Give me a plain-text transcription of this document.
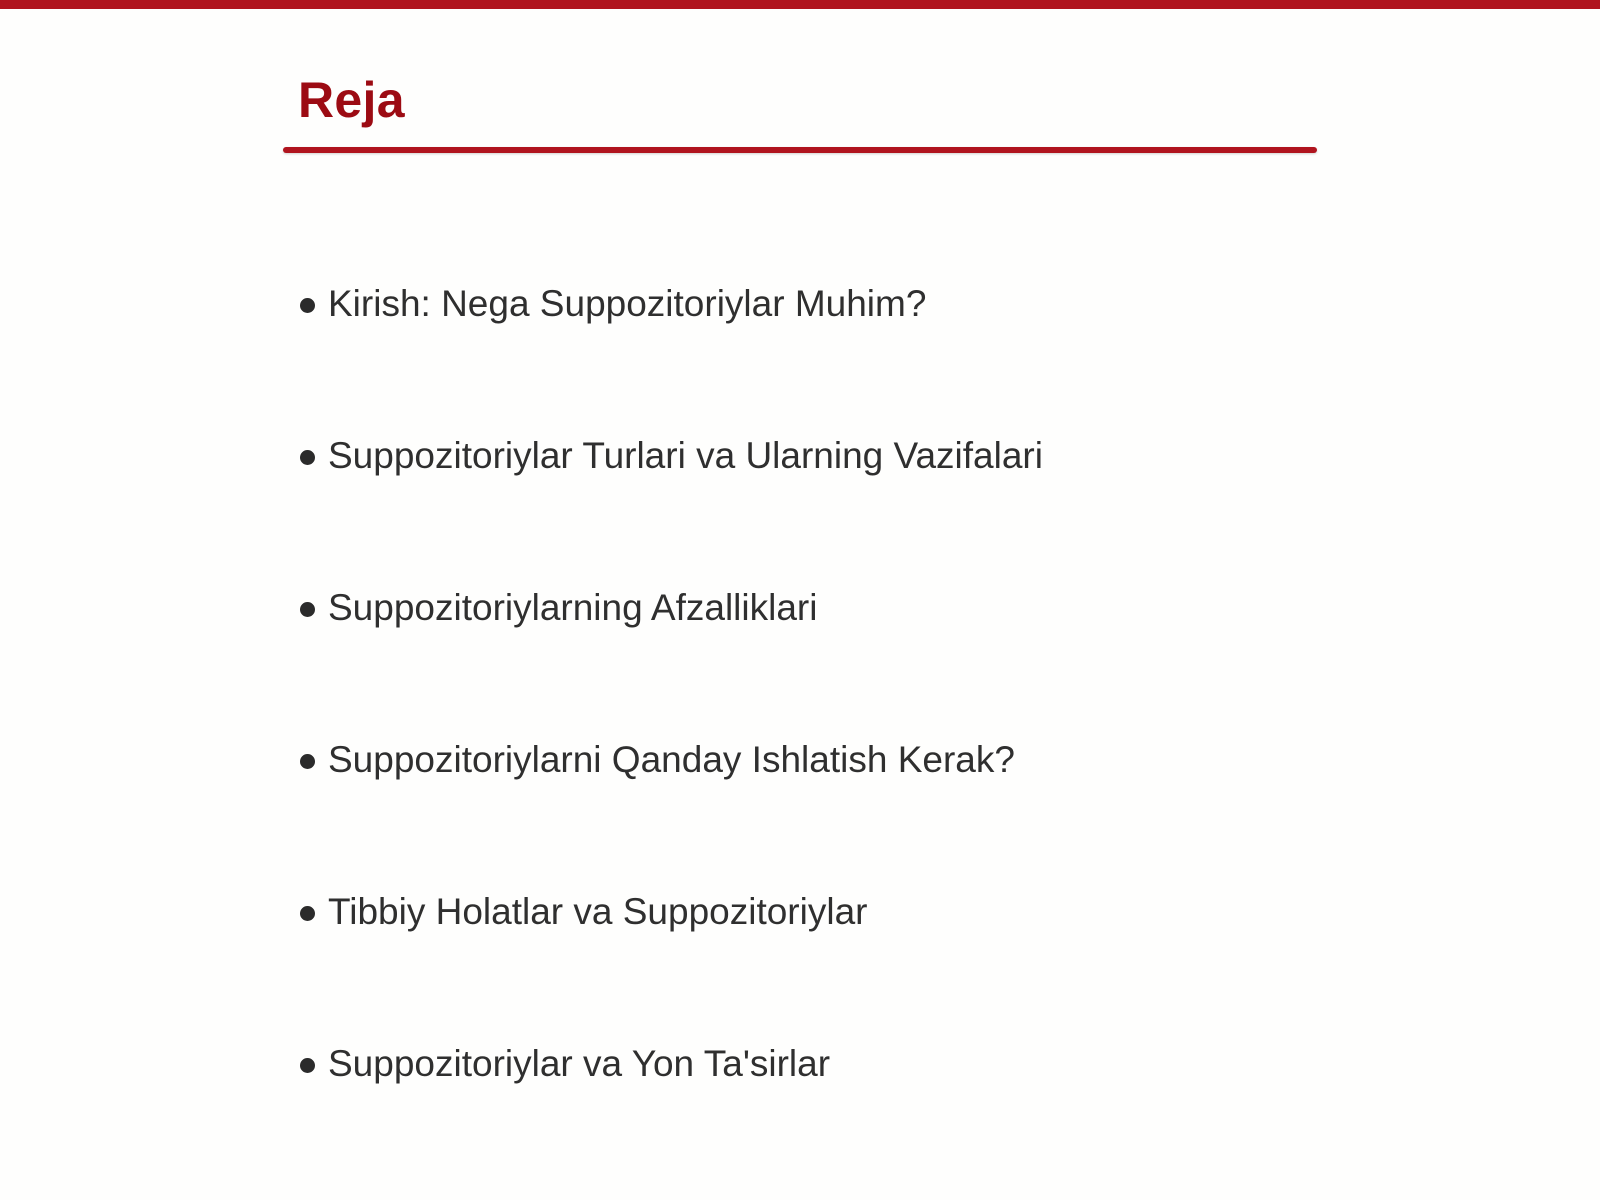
Reja
Kirish: Nega Suppozitoriylar Muhim?
Suppozitoriylar Turlari va Ularning Vazifalari
Suppozitoriylarning Afzalliklari
Suppozitoriylarni Qanday Ishlatish Kerak?
Tibbiy Holatlar va Suppozitoriylar
Suppozitoriylar va Yon Ta'sirlar
